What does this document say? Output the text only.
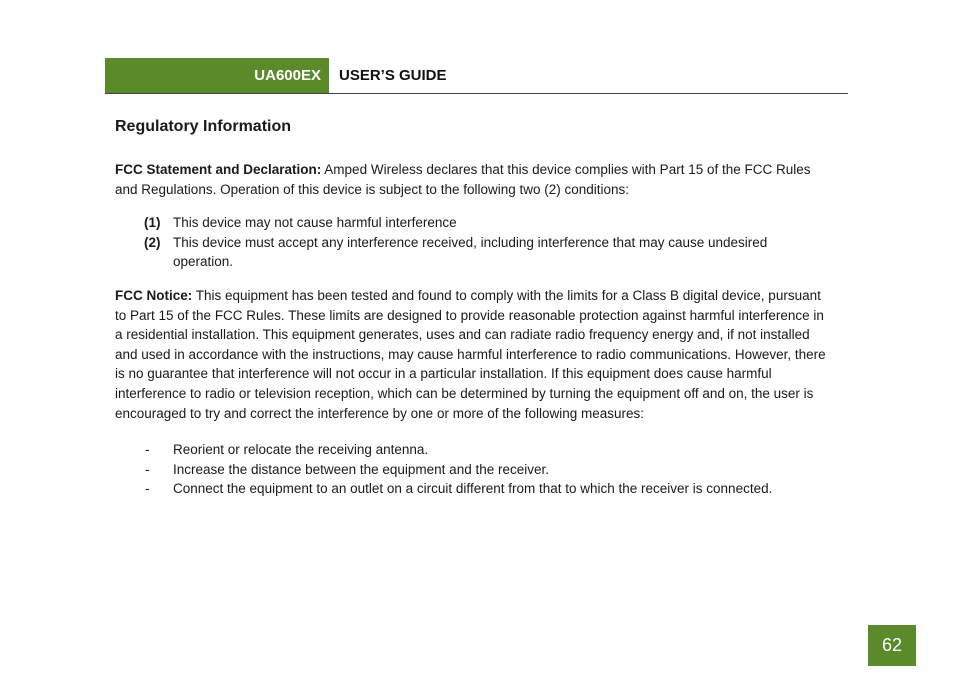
UA600EX USER’S GUIDE
Regulatory Information

FCC Statement and Declaration: Amped Wireless declares that this device complies with Part 15 of the FCC Rules and Regulations. Operation of this device is subject to the following two (2) conditions:

(1) This device may not cause harmful interference
(2) This device must accept any interference received, including interference that may cause undesired operation.

FCC Notice: This equipment has been tested and found to comply with the limits for a Class B digital device, pursuant to Part 15 of the FCC Rules. These limits are designed to provide reasonable protection against harmful interference in a residential installation. This equipment generates, uses and can radiate radio frequency energy and, if not installed and used in accordance with the instructions, may cause harmful interference to radio communications. However, there is no guarantee that interference will not occur in a particular installation. If this equipment does cause harmful interference to radio or television reception, which can be determined by turning the equipment off and on, the user is encouraged to try and correct the interference by one or more of the following measures:

- Reorient or relocate the receiving antenna.
- Increase the distance between the equipment and the receiver.
- Connect the equipment to an outlet on a circuit different from that to which the receiver is connected.
62
